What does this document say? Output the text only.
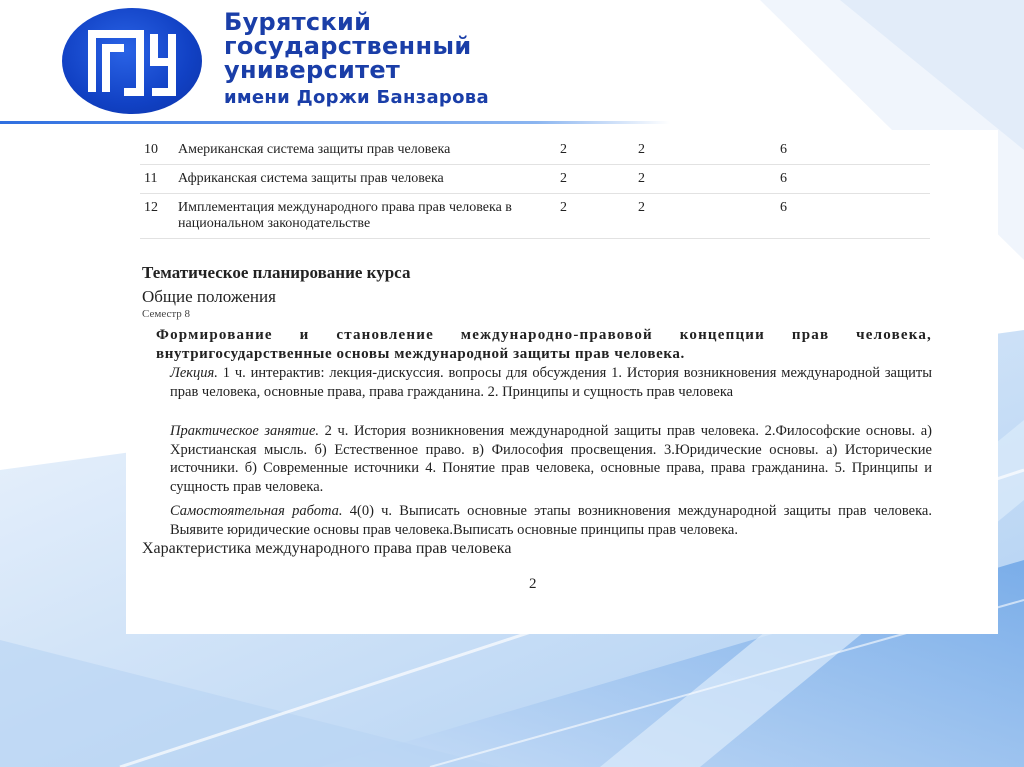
Бурятский
государственный
университет
имени Доржи Банзарова
10	Американская система защиты прав человека	2	2	6
11	Африканская система защиты прав человека	2	2	6
12	Имплементация международного права прав человека в национальном законодательстве	2	2	6
Тематическое планирование курса
Общие положения
Семестр 8
Формирование и становление международно-правовой концепции прав человека,
внутригосударственные основы международной защиты прав человека.
Лекция. 1 ч. интерактив: лекция-дискуссия. вопросы для обсуждения 1. История возникновения международной защиты прав человека, основные права, права гражданина. 2. Принципы и сущность прав человека
Практическое занятие. 2 ч. История возникновения международной защиты прав человека. 2.Философские основы. а) Христианская мысль. б) Естественное право. в) Философия просвещения. 3.Юридические основы. а) Исторические источники. б) Современные источники 4. Понятие прав человека, основные права, права гражданина. 5. Принципы и сущность прав человека.
Самостоятельная работа. 4(0) ч. Выписать основные этапы возникновения международной защиты прав человека. Выявите юридические основы прав человека.Выписать основные принципы прав человека.
Характеристика международного права прав человека
2
